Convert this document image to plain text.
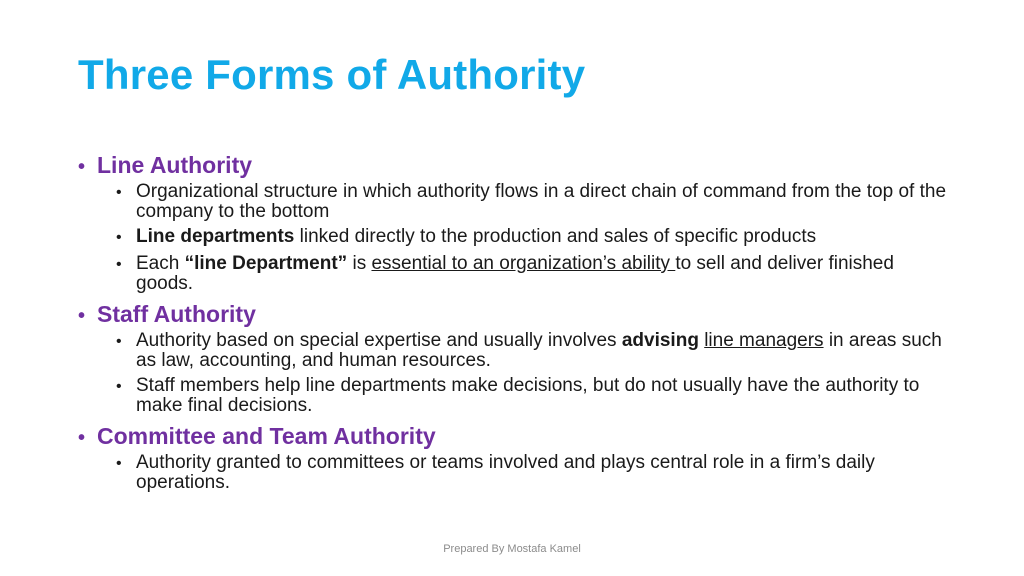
Three Forms of Authority
• Line Authority
• Organizational structure in which authority flows in a direct chain of command from the top of the company to the bottom
• Line departments linked directly to the production and sales of specific products
• Each “line Department” is essential to an organization’s ability to sell and deliver finished goods.
• Staff Authority
• Authority based on special expertise and usually involves advising line managers in areas such as law, accounting, and human resources.
• Staff members help line departments make decisions, but do not usually have the authority to make final decisions.
• Committee and Team Authority
• Authority granted to committees or teams involved and plays central role in a firm’s daily operations.
Prepared By Mostafa Kamel
